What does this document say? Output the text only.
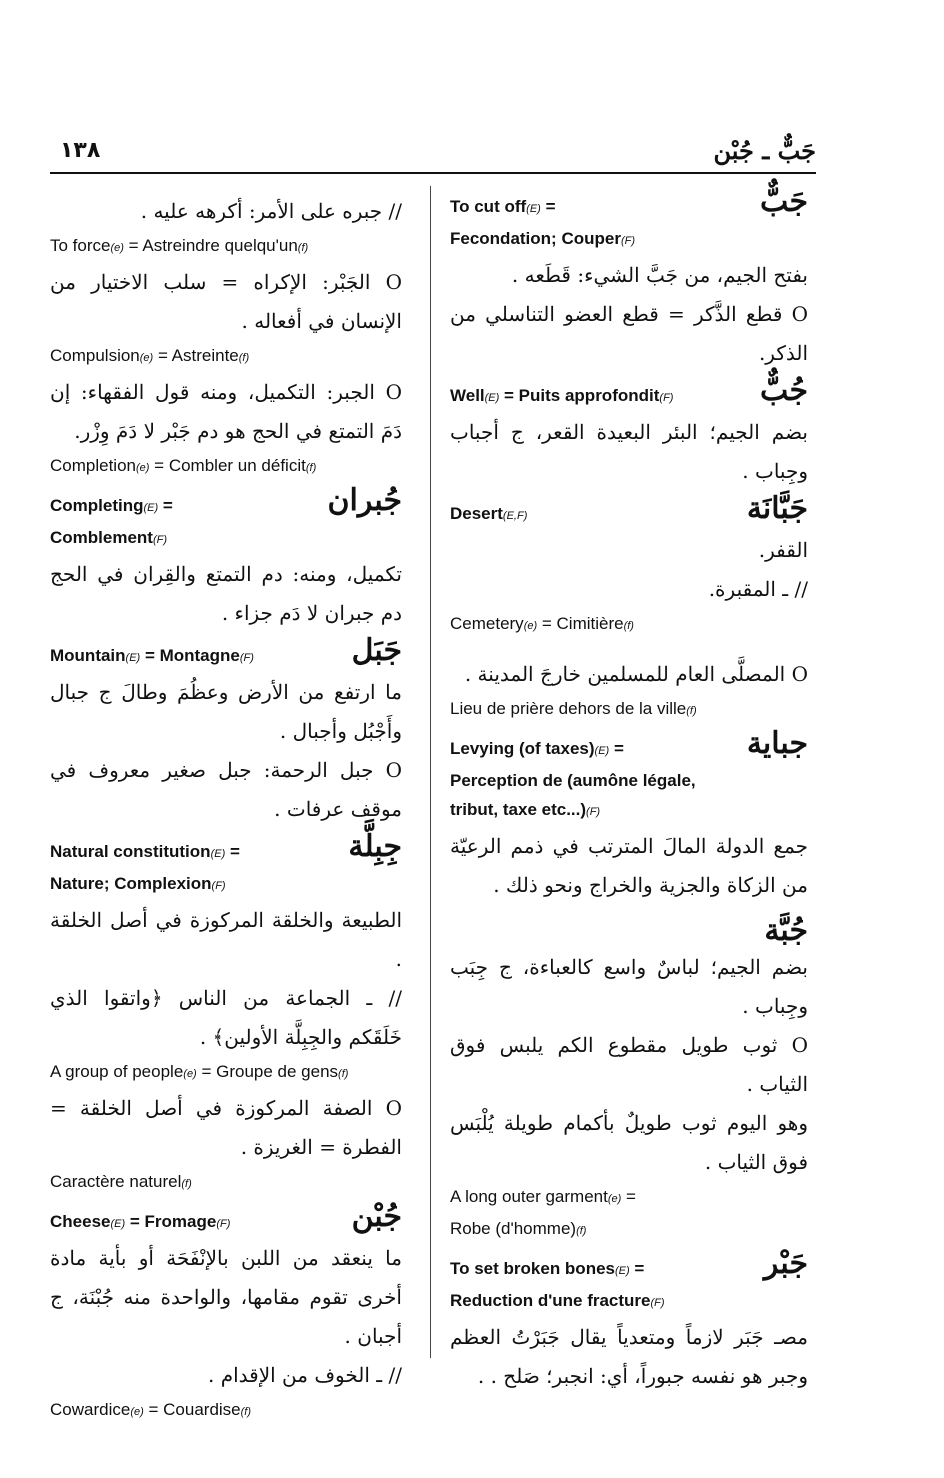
١٣٨	جَبٌّ ـ جُبْن
// جبره على الأمر: أكرهه عليه .
To force(e) = Astreindre quelqu'un(f)
O الجَبْر: الإكراه = سلب الاختيار من الإنسان في أفعاله .
Compulsion(e) = Astreinte(f)
O الجبر: التكميل، ومنه قول الفقهاء: إن دَمَ التمتع في الحج هو دم جَبْر لا دَمَ وِزْر.
Completion(e) = Combler un déficit(f)
جُبران
Completing(E) =
Comblement(F)
تكميل، ومنه: دم التمتع والقِران في الحج دم جبران لا دَم جزاء .
جَبَل
Mountain(E) = Montagne(F)
ما ارتفع من الأرض وعظُمَ وطالَ ج جبال وأَجْبُل وأجبال .
O جبل الرحمة: جبل صغير معروف في موقف عرفات .
جِبِلَّة
Natural constitution(E) =
Nature; Complexion(F)
الطبيعة والخلقة المركوزة في أصل الخلقة .
// ـ الجماعة من الناس ﴿واتقوا الذي خَلَقَكم والجِبِلَّة الأولين﴾ .
A group of people(e) = Groupe de gens(f)
O الصفة المركوزة في أصل الخلقة = الفطرة = الغريزة .
Caractère naturel(f)
جُبْن
Cheese(E) = Fromage(F)
ما ينعقد من اللبن بالإنْفَحَة أو بأية مادة أخرى تقوم مقامها، والواحدة منه جُبْنَة، ج أجبان .
// ـ الخوف من الإقدام .
Cowardice(e) = Couardise(f)
جَبٌّ
To cut off(E) =
Fecondation; Couper(F)
بفتح الجيم، من جَبَّ الشيء: قَطَعه .
O قطع الذَّكر = قطع العضو التناسلي من الذكر.
جُبٌّ
Well(E) = Puits approfondit(F)
بضم الجيم؛ البئر البعيدة القعر، ج أجباب وجِباب .
جَبَّانَة
Desert(E,F)
القفر.
// ـ المقبرة.
Cemetery(e) = Cimitière(f)
O المصلَّى العام للمسلمين خارجَ المدينة .
Lieu de prière dehors de la ville(f)
جباية
Levying (of taxes)(E) =
Perception de (aumône légale,
tribut, taxe etc...)(F)
جمع الدولة المالَ المترتب في ذمم الرعيّة من الزكاة والجزية والخراج ونحو ذلك .
جُبَّة
بضم الجيم؛ لباسٌ واسع كالعباءة، ج جِبَب وجِباب .
O ثوب طويل مقطوع الكم يلبس فوق الثياب .
وهو اليوم ثوب طويلٌ بأكمام طويلة يُلْبَس فوق الثياب .
A long outer garment(e) =
Robe (d'homme)(f)
جَبْر
To set broken bones(E) =
Reduction d'une fracture(F)
مصـ جَبَر لازماً ومتعدياً يقال جَبَرْتُ العظم وجبر هو نفسه جبوراً، أي: انجبر؛ صَلح . .
